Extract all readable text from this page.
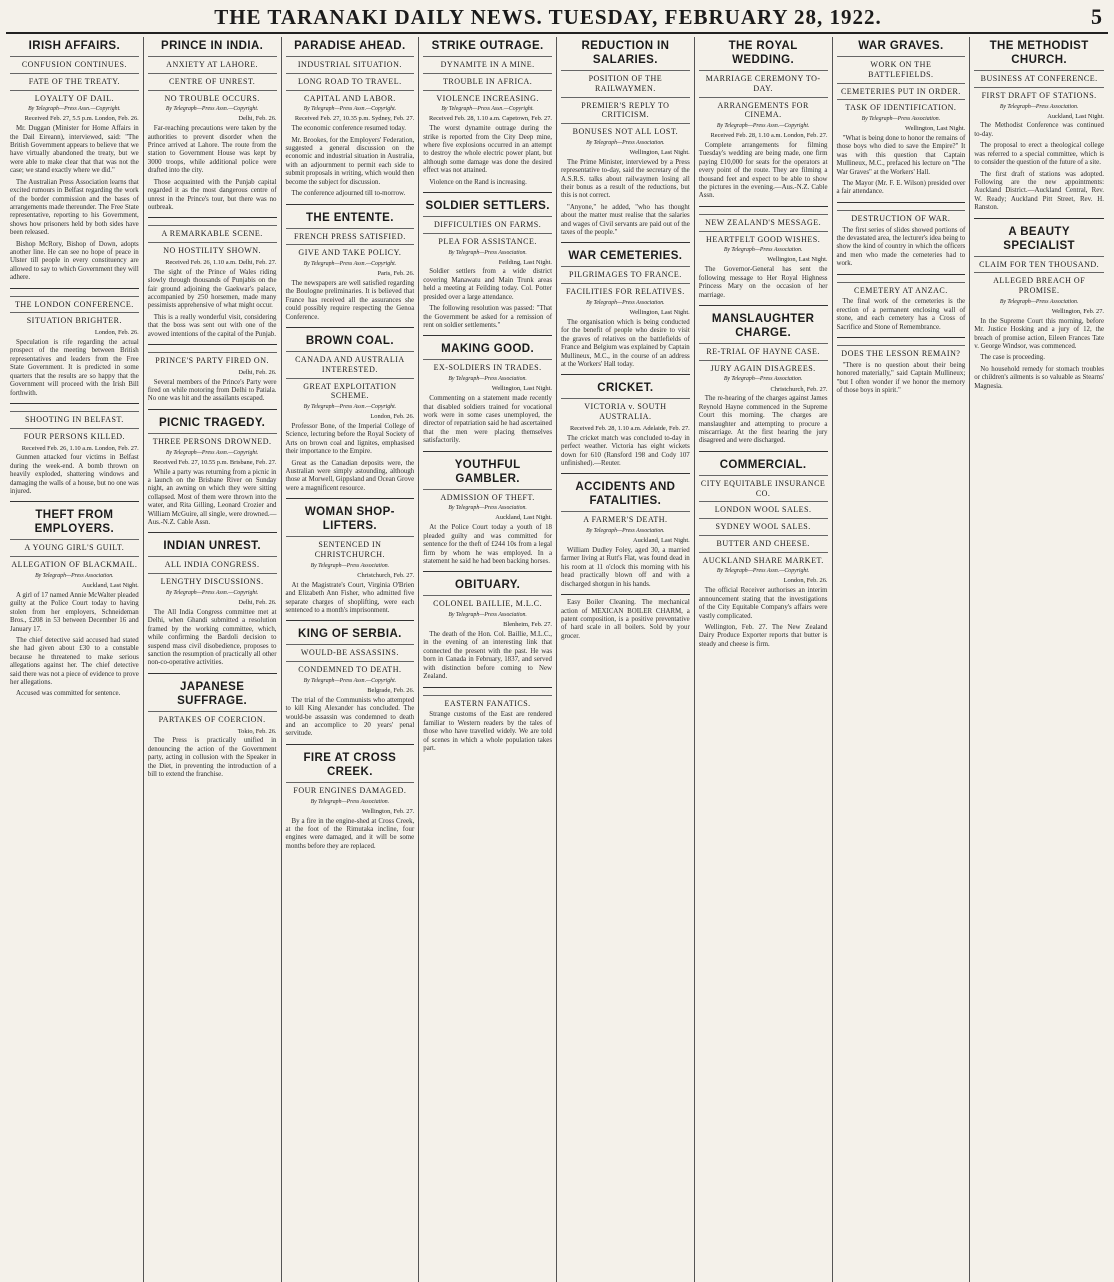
THE TARANAKI DAILY NEWS. TUESDAY, FEBRUARY 28, 1922.	5
IRISH AFFAIRS.
CONFUSION CONTINUES.
FATE OF THE TREATY.
LOYALTY OF DAIL.
By Telegraph—Press Assn.—Copyright.
Received Feb. 27, 5.5 p.m. London, Feb. 26.

Mr. Duggan (Minister for Home Affairs in the Dail Eireann), interviewed, said: "The British Government appears to believe that we have virtually abandoned the treaty, but we were able to make clear that that was not the case; we stand exactly where we did."

The Australian Press Association learns that excited rumours in Belfast regarding the work of the border commission and the bases of arrangements made thereunder. The Free State representative, reporting to his Government, shows how prisoners held by both sides have been released.

Bishop McRory, Bishop of Down, adopts another line. He can see no hope of peace in Ulster till people in every constituency are allowed to say to which Government they will adhere.

THE LONDON CONFERENCE.
SITUATION BRIGHTER.
London, Feb. 26.

Speculation is rife regarding the actual prospect of the meeting between British representatives and leaders from the Free State Government. It is predicted in some quarters that the results are so happy that the Government will proceed with the Irish Bill forthwith.

SHOOTING IN BELFAST.
FOUR PERSONS KILLED.
Received Feb. 26, 1.10 a.m. London, Feb. 27.

Gunmen attacked four victims in Belfast during the week-end. A bomb thrown on heavily exploded, shattering windows and damaging the walls of a house, but no one was injured.

THEFT FROM EMPLOYERS.
A YOUNG GIRL'S GUILT.
ALLEGATION OF BLACKMAIL.
By Telegraph—Press Association.
Auckland, Last Night.

A girl of 17 named Annie McWalter pleaded guilty at the Police Court today to having stolen from her employers, Schneideman Bros., £208 in 53 between December 16 and January 17.

The chief detective said accused had stated she had given about £30 to a constable because he threatened to make serious allegations against her. The chief detective said there was not a piece of evidence to prove her allegations.

Accused was committed for sentence.

PRINCE IN INDIA.
ANXIETY AT LAHORE.
CENTRE OF UNREST.
NO TROUBLE OCCURS.
By Telegraph—Press Assn.—Copyright.
Delhi, Feb. 26.

Far-reaching precautions were taken by the authorities to prevent disorder when the Prince arrived at Lahore. The route from the station to Government House was kept by 3000 troops, while additional police were drafted into the city.

Those acquainted with the Punjab capital regarded it as the most dangerous centre of unrest in the Prince's tour, but there was no outbreak.

A REMARKABLE SCENE.
NO HOSTILITY SHOWN.
Received Feb. 26, 1.10 a.m. Delhi, Feb. 27.

The sight of the Prince of Wales riding slowly through thousands of Punjabis on the fair ground adjoining the Gaekwar's palace, accompanied by 250 horsemen, made many pessimists apprehensive of what might occur.

This is a really wonderful visit, considering that the boss was sent out with one of the avowed intentions of the capital of the Punjab.

PRINCE'S PARTY FIRED ON.
Delhi, Feb. 26.

Several members of the Prince's Party were fired on while motoring from Delhi to Patiala. No one was hit and the assailants escaped.

PICNIC TRAGEDY.
THREE PERSONS DROWNED.
By Telegraph—Press Assn.—Copyright.
Received Feb. 27, 10.55 p.m. Brisbane, Feb. 27.

While a party was returning from a picnic in a launch on the Brisbane River on Sunday night, an awning on which they were sitting collapsed. Most of them were thrown into the water, and Rita Gilling, Leonard Crozier and William McGuire, all single, were drowned.—Aus.-N.Z. Cable Assn.

INDIAN UNREST.
ALL INDIA CONGRESS.
LENGTHY DISCUSSIONS.
By Telegraph—Press Assn.—Copyright.
Delhi, Feb. 26.

The All India Congress committee met at Delhi, when Ghandi submitted a resolution framed by the working committee, which, while confirming the Bardoli decision to suspend mass civil disobedience, proposes to sanction the resumption of practically all other non-co-operative activities.

JAPANESE SUFFRAGE.
PARTAKES OF COERCION.
Tokio, Feb. 26.

The Press is practically unified in denouncing the action of the Government party, acting in collusion with the Speaker in the Diet, in preventing the introduction of a bill to extend the franchise.

PARADISE AHEAD.
INDUSTRIAL SITUATION.
LONG ROAD TO TRAVEL.
CAPITAL AND LABOR.
By Telegraph—Press Assn.—Copyright.
Received Feb. 27, 10.35 p.m. Sydney, Feb. 27.

The economic conference resumed today.

Mr. Brookes, for the Employers' Federation, suggested a general discussion on the economic and industrial situation in Australia, with an adjournment to permit each side to submit proposals in writing, which would then become the subject for discussion.

The conference adjourned till to-morrow.

THE ENTENTE.
FRENCH PRESS SATISFIED.
GIVE AND TAKE POLICY.
By Telegraph—Press Assn.—Copyright.
Paris, Feb. 26.

The newspapers are well satisfied regarding the Boulogne preliminaries. It is believed that France has received all the assurances she could possibly require respecting the Genoa Conference.

BROWN COAL.
CANADA AND AUSTRALIA INTERESTED.
GREAT EXPLOITATION SCHEME.
By Telegraph—Press Assn.—Copyright.
London, Feb. 26.

Professor Bone, of the Imperial College of Science, lecturing before the Royal Society of Arts on brown coal and lignites, emphasised their importance to the Empire.

Great as the Canadian deposits were, the Australian were simply astounding, although those at Morwell, Gippsland and Ocean Grove were a magnificent resource.

WOMAN SHOP-LIFTERS.
SENTENCED IN CHRISTCHURCH.
By Telegraph—Press Association.
Christchurch, Feb. 27.

At the Magistrate's Court, Virginia O'Brien and Elizabeth Ann Fisher, who admitted five separate charges of shoplifting, were each sentenced to a month's imprisonment.

KING OF SERBIA.
WOULD-BE ASSASSINS.
CONDEMNED TO DEATH.
By Telegraph—Press Assn.—Copyright.
Belgrade, Feb. 26.

The trial of the Communists who attempted to kill King Alexander has concluded. The would-be assassin was condemned to death and an accomplice to 20 years' penal servitude.

FIRE AT CROSS CREEK.
FOUR ENGINES DAMAGED.
By Telegraph—Press Association.
Wellington, Feb. 27.

By a fire in the engine-shed at Cross Creek, at the foot of the Rimutaka incline, four engines were damaged, and it will be some months before they are replaced.

STRIKE OUTRAGE.
DYNAMITE IN A MINE.
TROUBLE IN AFRICA.
VIOLENCE INCREASING.
By Telegraph—Press Assn.—Copyright.
Received Feb. 28, 1.10 a.m. Capetown, Feb. 27.

The worst dynamite outrage during the strike is reported from the City Deep mine, where five explosions occurred in an attempt to destroy the whole electric power plant, but although some damage was done the desired effect was not attained.

Violence on the Rand is increasing.

SOLDIER SETTLERS.
DIFFICULTIES ON FARMS.
PLEA FOR ASSISTANCE.
By Telegraph—Press Association.
Feilding, Last Night.

Soldier settlers from a wide district covering Manawatu and Main Trunk areas held a meeting at Feilding today. Col. Potter presided over a large attendance.

The following resolution was passed: "That the Government be asked for a remission of rent on soldier settlements."

MAKING GOOD.
EX-SOLDIERS IN TRADES.
By Telegraph—Press Association.
Wellington, Last Night.

Commenting on a statement made recently that disabled soldiers trained for vocational work were in some cases unemployed, the director of repatriation said he had ascertained that the men were placing themselves satisfactorily.

YOUTHFUL GAMBLER.
ADMISSION OF THEFT.
By Telegraph—Press Association.
Auckland, Last Night.

At the Police Court today a youth of 18 pleaded guilty and was committed for sentence for the theft of £244 10s from a legal firm by whom he was employed. In a statement he said he had been backing horses.

OBITUARY.
COLONEL BAILLIE, M.L.C.
By Telegraph—Press Association.
Blenheim, Feb. 27.

The death of the Hon. Col. Baillie, M.L.C., in the evening of an interesting link that connected the present with the past. He was born in Canada in February, 1837, and served with distinction before coming to New Zealand.

EASTERN FANATICS.

Strange customs of the East are rendered familiar to Western readers by the tales of those who have travelled widely. We are told of scenes in which a whole population takes part.

REDUCTION IN SALARIES.
POSITION OF THE RAILWAYMEN.
PREMIER'S REPLY TO CRITICISM.
BONUSES NOT ALL LOST.
By Telegraph—Press Association.
Wellington, Last Night.

The Prime Minister, interviewed by a Press representative to-day, said the secretary of the A.S.R.S. talks about railwaymen losing all their bonus as a result of the reductions, but this is not correct.

"Anyone," he added, "who has thought about the matter must realise that the salaries and wages of Civil servants are paid out of the taxes of the people."

WAR CEMETERIES.
PILGRIMAGES TO FRANCE.
FACILITIES FOR RELATIVES.
By Telegraph—Press Association.
Wellington, Last Night.

The organisation which is being conducted for the benefit of people who desire to visit the graves of relatives on the battlefields of France and Belgium was explained by Captain Mullineux, M.C., in the course of an address at the Workers' Hall today.

CRICKET.
VICTORIA v. SOUTH AUSTRALIA.
Received Feb. 28, 1.10 a.m. Adelaide, Feb. 27.

The cricket match was concluded to-day in perfect weather. Victoria has eight wickets down for 610 (Ransford 198 and Cody 107 unfinished).—Reuter.

ACCIDENTS AND FATALITIES.
A FARMER'S DEATH.
By Telegraph—Press Association.
Auckland, Last Night.

William Dudley Foley, aged 30, a married farmer living at Rutt's Flat, was found dead in his room at 11 o'clock this morning with his head practically blown off and with a discharged shotgun in his hands.

Easy Boiler Cleaning. The mechanical action of MEXICAN BOILER CHARM, a patent composition, is a positive preventative of hard scale in all boilers. Sold by your grocer.

THE ROYAL WEDDING.
MARRIAGE CEREMONY TO-DAY.
ARRANGEMENTS FOR CINEMA.
By Telegraph—Press Assn.—Copyright.
Received Feb. 28, 1.10 a.m. London, Feb. 27.

Complete arrangements for filming Tuesday's wedding are being made, one firm paying £10,000 for seats for the operators at every point of the route. They are filming a thousand feet and expect to be able to show the pictures in the evening.—Aus.-N.Z. Cable Assn.

NEW ZEALAND'S MESSAGE.
HEARTFELT GOOD WISHES.
By Telegraph—Press Association.
Wellington, Last Night.

The Governor-General has sent the following message to Her Royal Highness Princess Mary on the occasion of her marriage.

MANSLAUGHTER CHARGE.
RE-TRIAL OF HAYNE CASE.
JURY AGAIN DISAGREES.
By Telegraph—Press Association.
Christchurch, Feb. 27.

The re-hearing of the charges against James Reynold Hayne commenced in the Supreme Court this morning. The charges are manslaughter and attempting to procure a miscarriage. At the first hearing the jury disagreed and were discharged.

COMMERCIAL.
CITY EQUITABLE INSURANCE CO.
LONDON WOOL SALES.
SYDNEY WOOL SALES.
BUTTER AND CHEESE.
AUCKLAND SHARE MARKET.
By Telegraph—Press Assn.—Copyright.
London, Feb. 26.

The official Receiver authorises an interim announcement stating that the investigations of the City Equitable Company's affairs were vastly complicated.

Wellington, Feb. 27. The New Zealand Dairy Produce Exporter reports that butter is steady and cheese is firm.

WAR GRAVES.
WORK ON THE BATTLEFIELDS.
CEMETERIES PUT IN ORDER.
TASK OF IDENTIFICATION.
By Telegraph—Press Association.
Wellington, Last Night.

"What is being done to honor the remains of those boys who died to save the Empire?" It was with this question that Captain Mullineux, M.C., prefaced his lecture on "The War Graves" at the Workers' Hall.

The Mayor (Mr. F. E. Wilson) presided over a fair attendance.

DESTRUCTION OF WAR.

The first series of slides showed portions of the devastated area, the lecturer's idea being to show the kind of country in which the officers and men who made the cemeteries had to work.

CEMETERY AT ANZAC.

The final work of the cemeteries is the erection of a permanent enclosing wall of stone, and each cemetery has a Cross of Sacrifice and Stone of Remembrance.

DOES THE LESSON REMAIN?

"There is no question about their being honored materially," said Captain Mullineux; "but I often wonder if we honor the memory of those boys in spirit."

THE METHODIST CHURCH.
BUSINESS AT CONFERENCE.
FIRST DRAFT OF STATIONS.
By Telegraph—Press Association.
Auckland, Last Night.

The Methodist Conference was continued to-day.

The proposal to erect a theological college was referred to a special committee, which is to consider the question of the future of a site.

The first draft of stations was adopted. Following are the new appointments: Auckland District.—Auckland Central, Rev. W. Ready; Auckland Pitt Street, Rev. H. Ranston.

A BEAUTY SPECIALIST
CLAIM FOR TEN THOUSAND.
ALLEGED BREACH OF PROMISE.
By Telegraph—Press Association.
Wellington, Feb. 27.

In the Supreme Court this morning, before Mr. Justice Hosking and a jury of 12, the breach of promise action, Eileen Frances Tate v. George Windsor, was commenced.

The case is proceeding.

No household remedy for stomach troubles or children's ailments is so valuable as Stearns' Magnesia.
